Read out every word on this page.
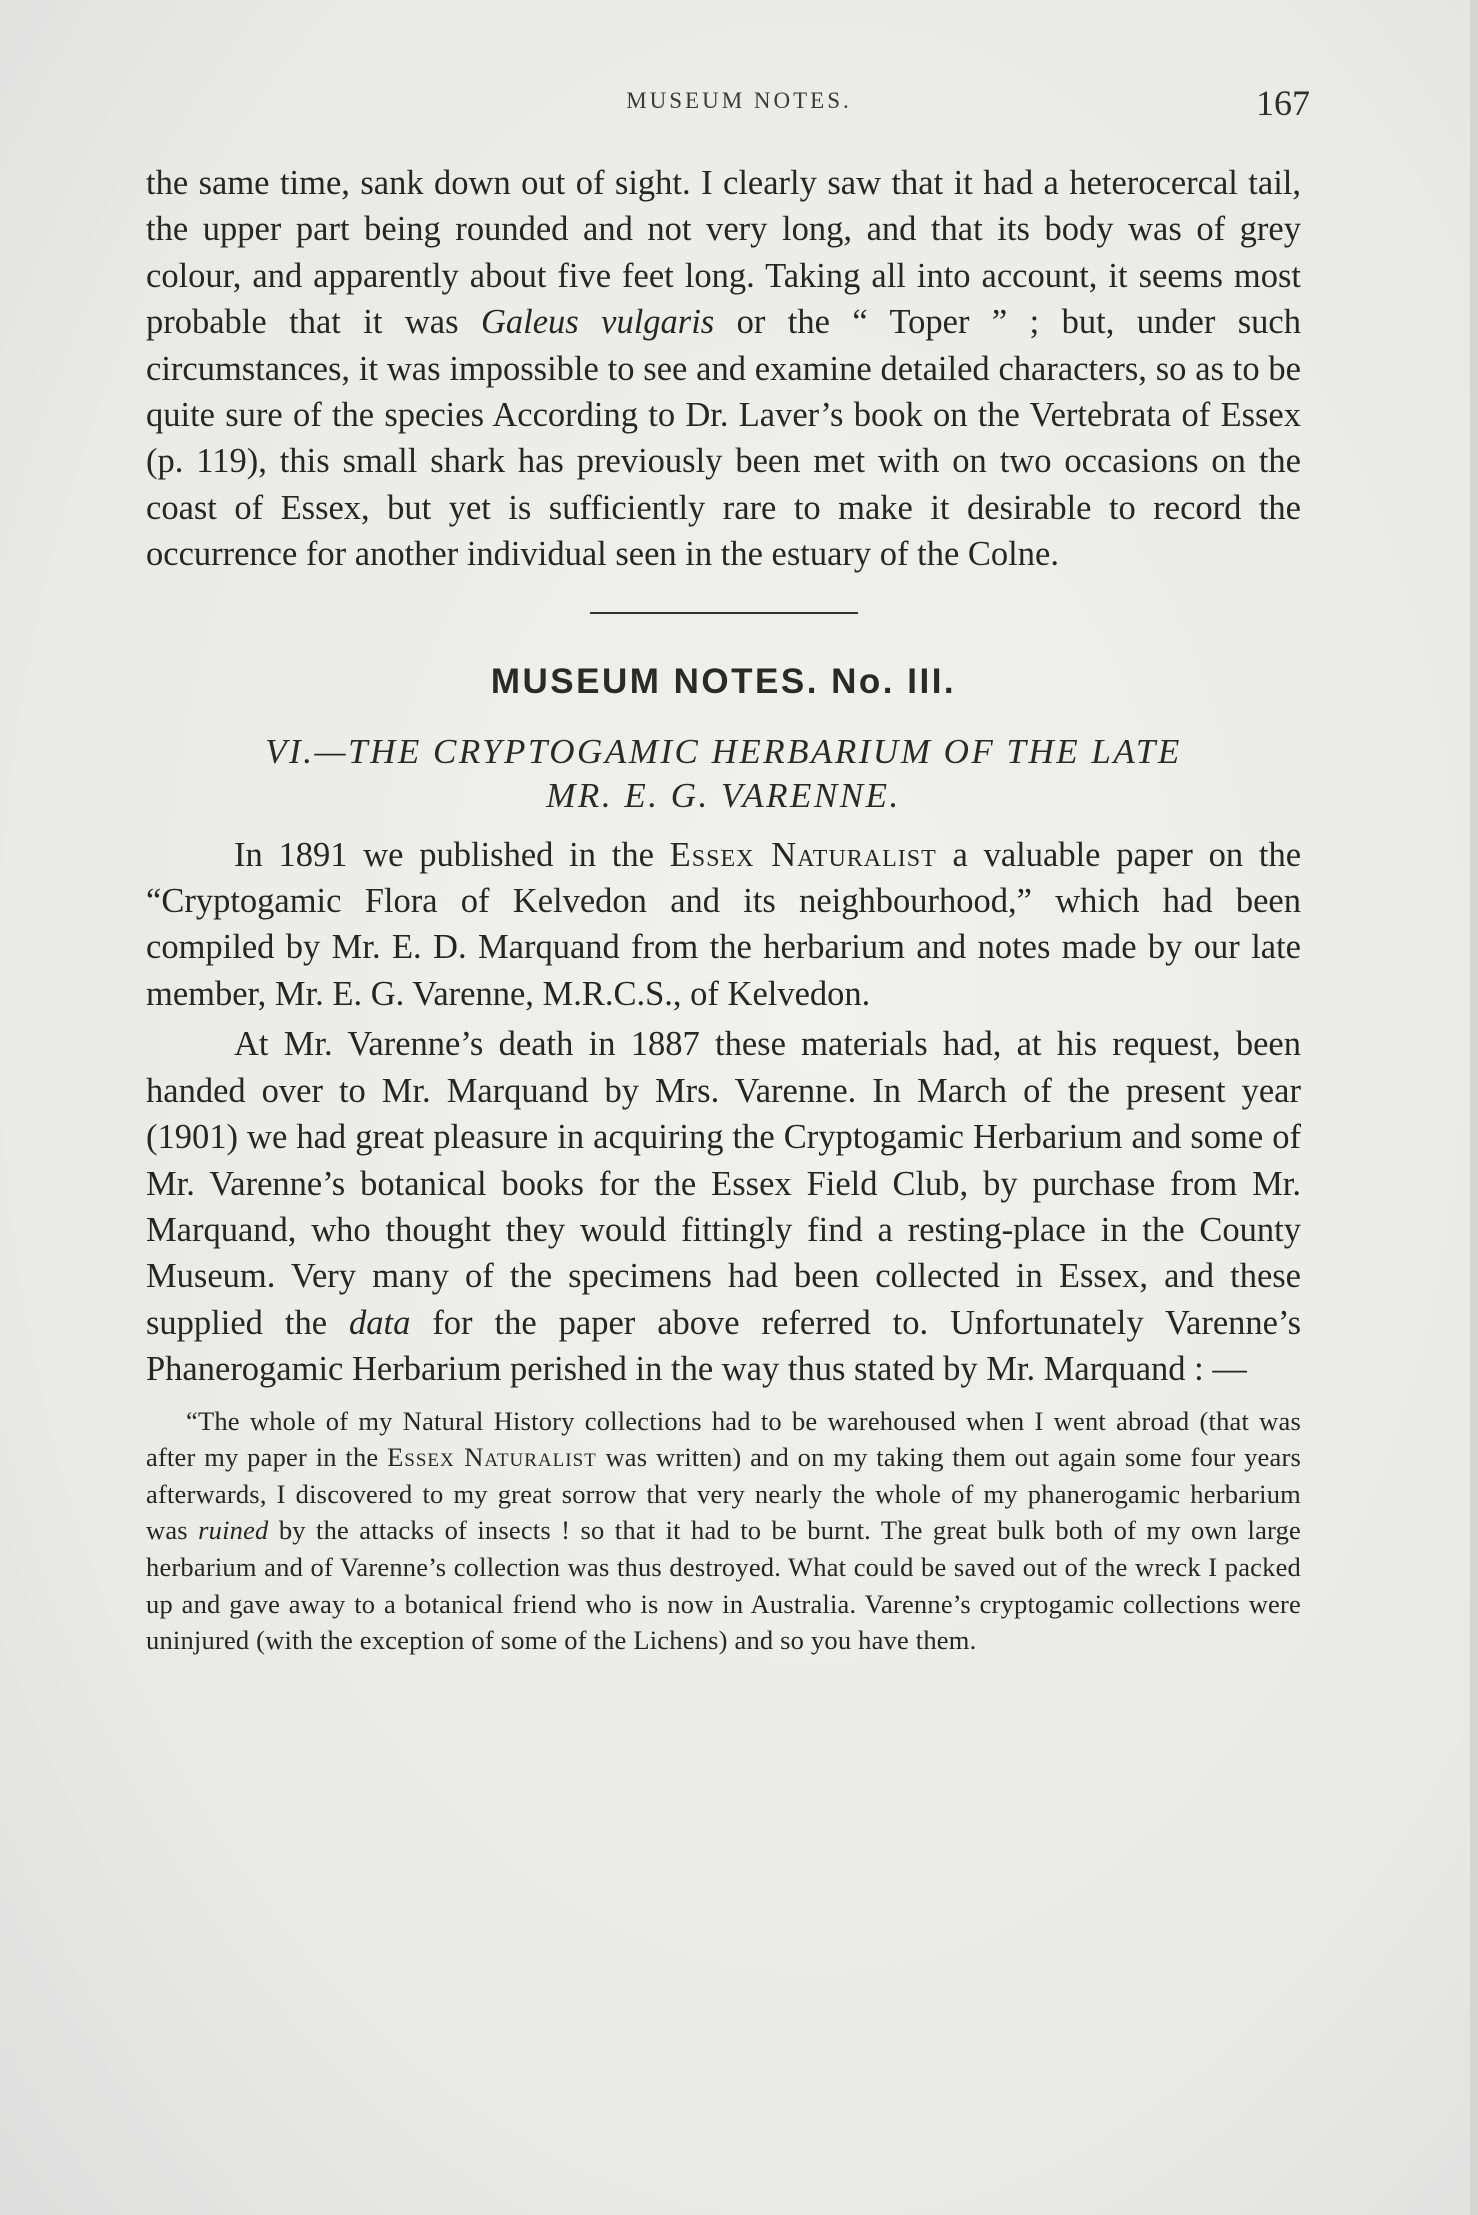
MUSEUM NOTES.	167

the same time, sank down out of sight. I clearly saw that it had a heterocercal tail, the upper part being rounded and not very long, and that its body was of grey colour, and apparently about five feet long. Taking all into account, it seems most probable that it was Galeus vulgaris or the “ Toper ” ; but, under such circumstances, it was impossible to see and examine detailed characters, so as to be quite sure of the species According to Dr. Laver’s book on the Vertebrata of Essex (p. 119), this small shark has previously been met with on two occasions on the coast of Essex, but yet is sufficiently rare to make it desirable to record the occurrence for another individual seen in the estuary of the Colne.

MUSEUM NOTES. No. III.
VI.—THE CRYPTOGAMIC HERBARIUM OF THE LATE
MR. E. G. VARENNE.

In 1891 we published in the Essex Naturalist a valuable paper on the “Cryptogamic Flora of Kelvedon and its neighbourhood,” which had been compiled by Mr. E. D. Marquand from the herbarium and notes made by our late member, Mr. E. G. Varenne, M.R.C.S., of Kelvedon.

At Mr. Varenne’s death in 1887 these materials had, at his request, been handed over to Mr. Marquand by Mrs. Varenne. In March of the present year (1901) we had great pleasure in acquiring the Cryptogamic Herbarium and some of Mr. Varenne’s botanical books for the Essex Field Club, by purchase from Mr. Marquand, who thought they would fittingly find a resting-place in the County Museum. Very many of the specimens had been collected in Essex, and these supplied the data for the paper above referred to. Unfortunately Varenne’s Phanerogamic Herbarium perished in the way thus stated by Mr. Marquand : —

“The whole of my Natural History collections had to be warehoused when I went abroad (that was after my paper in the Essex Naturalist was written) and on my taking them out again some four years afterwards, I discovered to my great sorrow that very nearly the whole of my phanerogamic herbarium was ruined by the attacks of insects ! so that it had to be burnt. The great bulk both of my own large herbarium and of Varenne’s collection was thus destroyed. What could be saved out of the wreck I packed up and gave away to a botanical friend who is now in Australia. Varenne’s cryptogamic collections were uninjured (with the exception of some of the Lichens) and so you have them.
